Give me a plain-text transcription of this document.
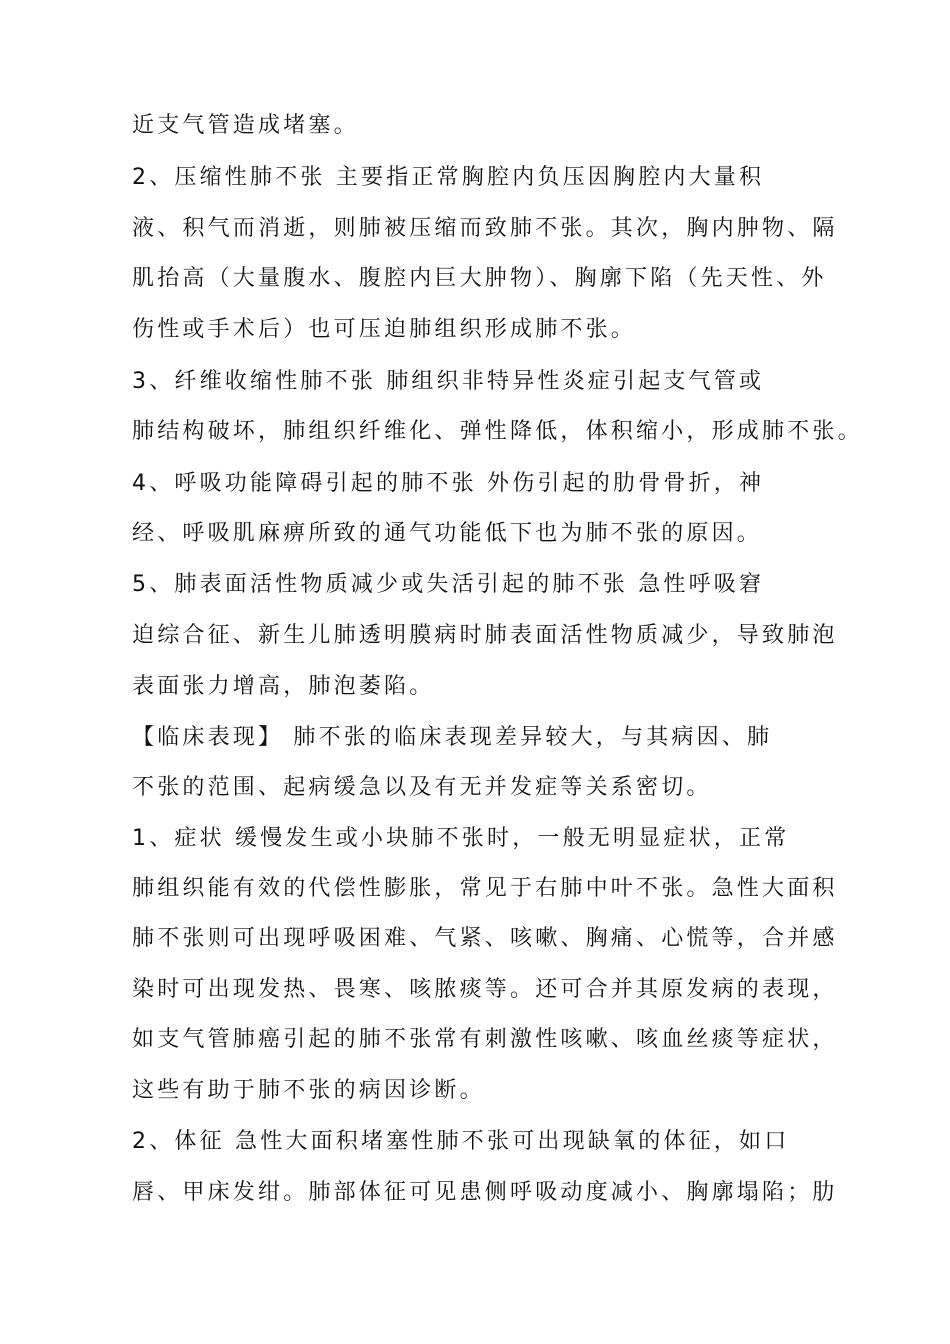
近支气管造成堵塞。
2、压缩性肺不张 主要指正常胸腔内负压因胸腔内大量积
液、积气而消逝，则肺被压缩而致肺不张。其次，胸内肿物、隔
肌抬高（大量腹水、腹腔内巨大肿物）、胸廓下陷（先天性、外
伤性或手术后）也可压迫肺组织形成肺不张。
3、纤维收缩性肺不张 肺组织非特异性炎症引起支气管或
肺结构破坏，肺组织纤维化、弹性降低，体积缩小，形成肺不张。
4、呼吸功能障碍引起的肺不张 外伤引起的肋骨骨折，神
经、呼吸肌麻痹所致的通气功能低下也为肺不张的原因。
5、肺表面活性物质减少或失活引起的肺不张 急性呼吸窘
迫综合征、新生儿肺透明膜病时肺表面活性物质减少，导致肺泡
表面张力增高，肺泡萎陷。
【临床表现】 肺不张的临床表现差异较大，与其病因、肺
不张的范围、起病缓急以及有无并发症等关系密切。
1、症状 缓慢发生或小块肺不张时，一般无明显症状，正常
肺组织能有效的代偿性膨胀，常见于右肺中叶不张。急性大面积
肺不张则可出现呼吸困难、气紧、咳嗽、胸痛、心慌等，合并感
染时可出现发热、畏寒、咳脓痰等。还可合并其原发病的表现，
如支气管肺癌引起的肺不张常有刺激性咳嗽、咳血丝痰等症状，
这些有助于肺不张的病因诊断。
2、体征 急性大面积堵塞性肺不张可出现缺氧的体征，如口
唇、甲床发绀。肺部体征可见患侧呼吸动度减小、胸廓塌陷；肋
